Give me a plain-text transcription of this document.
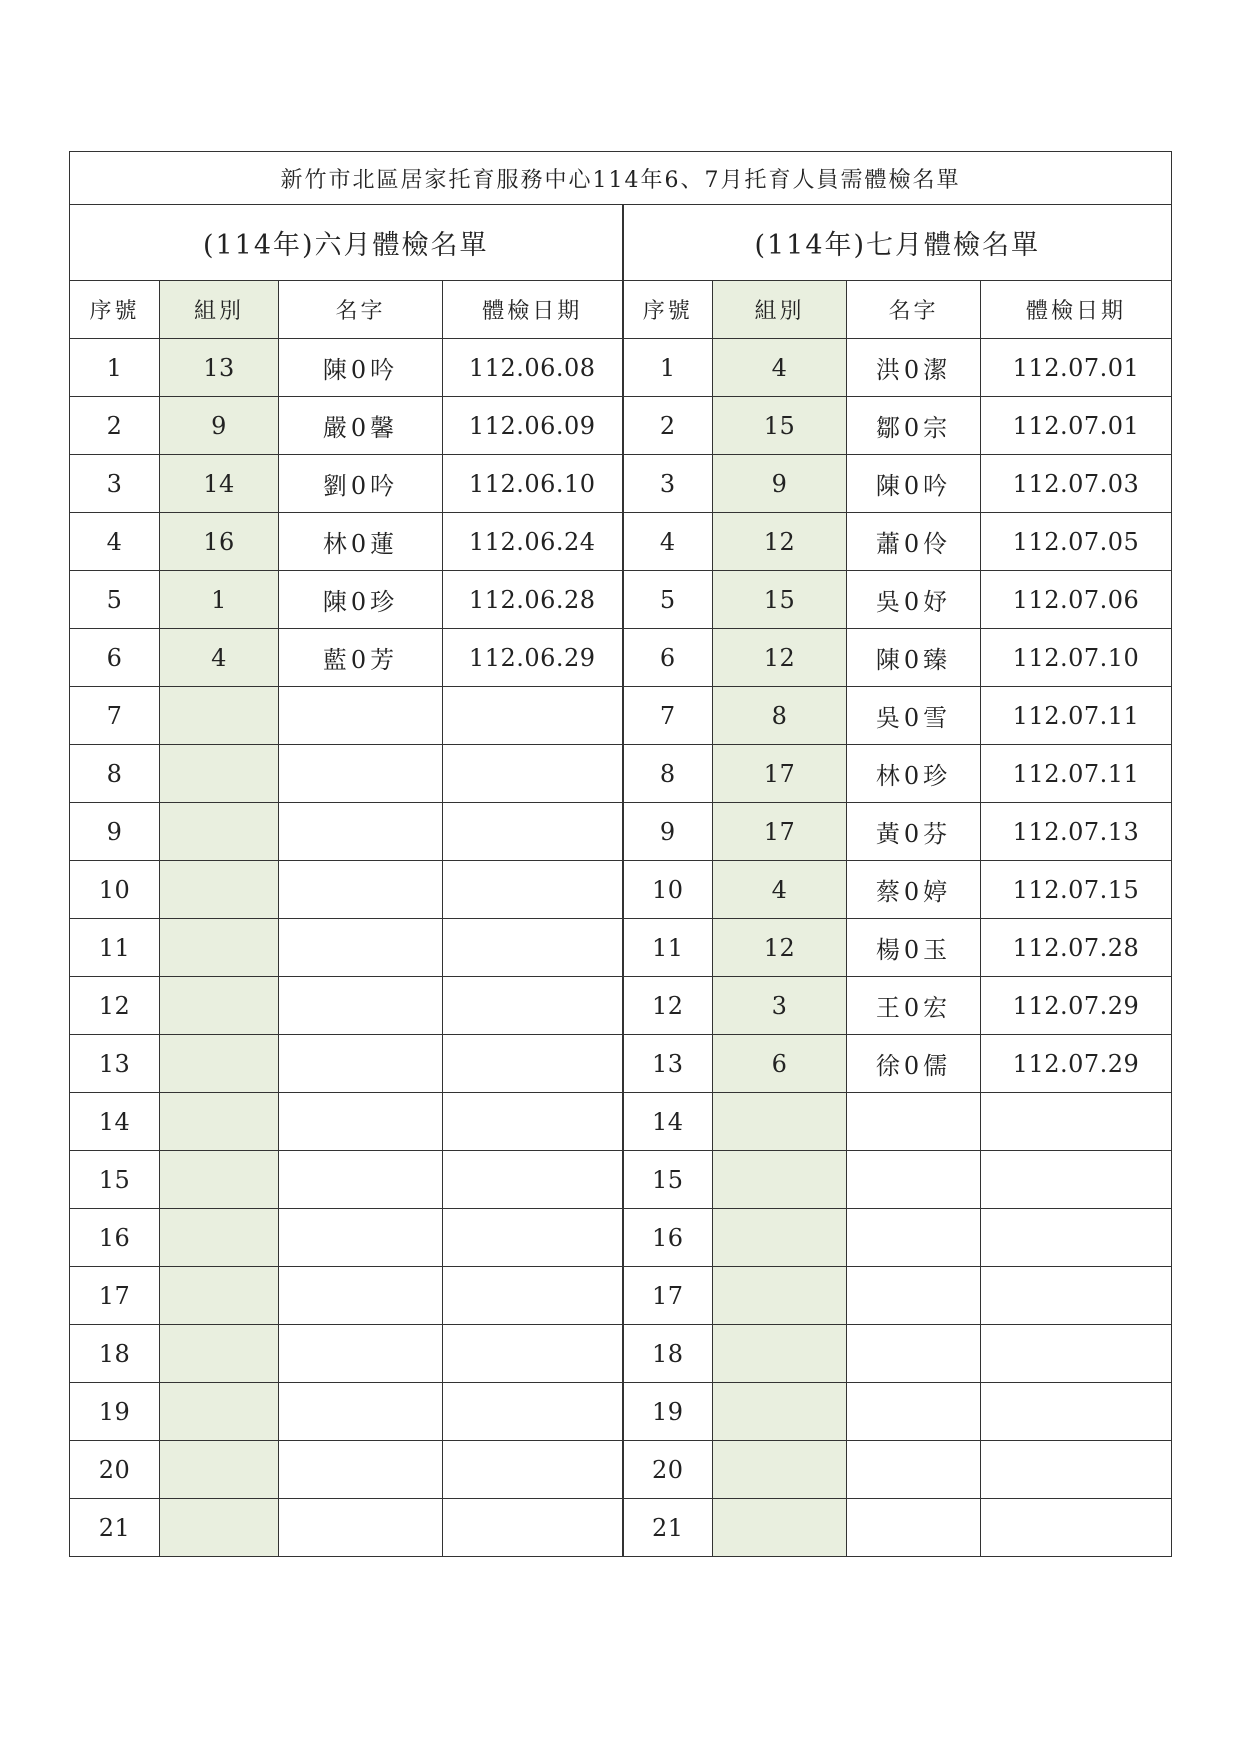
新竹市北區居家托育服務中心114年6、7月托育人員需體檢名單							
(114年)六月體檢名單				(114年)七月體檢名單			
序號	組別	名字	體檢日期	序號	組別	名字	體檢日期
1	13	陳0吟	112.06.08	1	4	洪0潔	112.07.01
2	9	嚴0馨	112.06.09	2	15	鄒0宗	112.07.01
3	14	劉0吟	112.06.10	3	9	陳0吟	112.07.03
4	16	林0蓮	112.06.24	4	12	蕭0伶	112.07.05
5	1	陳0珍	112.06.28	5	15	吳0妤	112.07.06
6	4	藍0芳	112.06.29	6	12	陳0臻	112.07.10
7				7	8	吳0雪	112.07.11
8				8	17	林0珍	112.07.11
9				9	17	黃0芬	112.07.13
10				10	4	蔡0婷	112.07.15
11				11	12	楊0玉	112.07.28
12				12	3	王0宏	112.07.29
13				13	6	徐0儒	112.07.29
14				14			
15				15			
16				16			
17				17			
18				18			
19				19			
20				20			
21				21			
